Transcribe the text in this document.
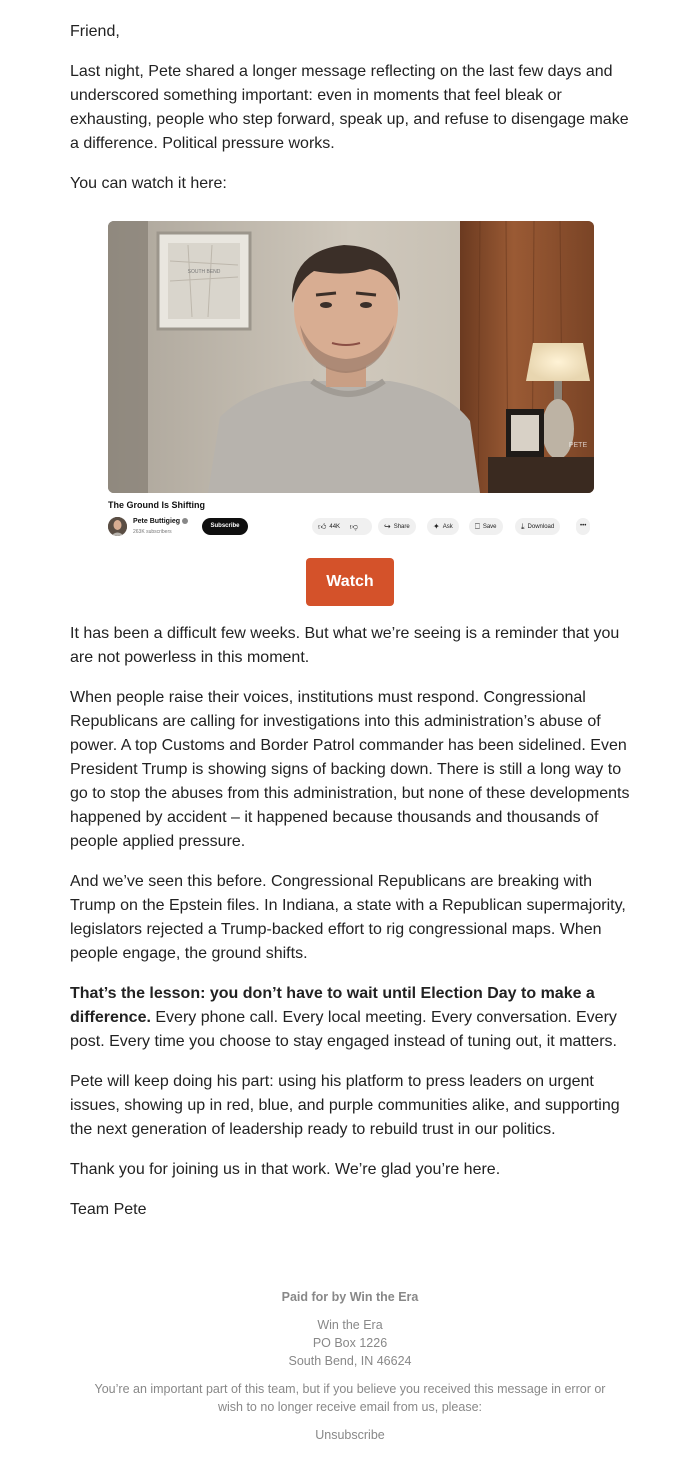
Friend,
Last night, Pete shared a longer message reflecting on the last few days and underscored something important: even in moments that feel bleak or exhausting, people who step forward, speak up, and refuse to disengage make a difference. Political pressure works.
You can watch it here:
SOUTH BEND
PETE
The Ground Is Shifting
Pete Buttigieg
263K subscribers
Subscribe	👍︎ 44K 👎︎	↪ Share	✦ Ask	⎕ Save	⤓ Download	•••
Watch
It has been a difficult few weeks. But what we’re seeing is a reminder that you are not powerless in this moment.
When people raise their voices, institutions must respond. Congressional Republicans are calling for investigations into this administration’s abuse of power. A top Customs and Border Patrol commander has been sidelined. Even President Trump is showing signs of backing down. There is still a long way to go to stop the abuses from this administration, but none of these developments happened by accident – it happened because thousands and thousands of people applied pressure.
And we’ve seen this before. Congressional Republicans are breaking with Trump on the Epstein files. In Indiana, a state with a Republican supermajority, legislators rejected a Trump-backed effort to rig congressional maps. When people engage, the ground shifts.
That’s the lesson: you don’t have to wait until Election Day to make a difference. Every phone call. Every local meeting. Every conversation. Every post. Every time you choose to stay engaged instead of tuning out, it matters.
Pete will keep doing his part: using his platform to press leaders on urgent issues, showing up in red, blue, and purple communities alike, and supporting the next generation of leadership ready to rebuild trust in our politics.
Thank you for joining us in that work. We’re glad you’re here.
Team Pete
Paid for by Win the Era
Win the Era
PO Box 1226
South Bend, IN 46624
You’re an important part of this team, but if you believe you received this message in error or
wish to no longer receive email from us, please:
Unsubscribe
